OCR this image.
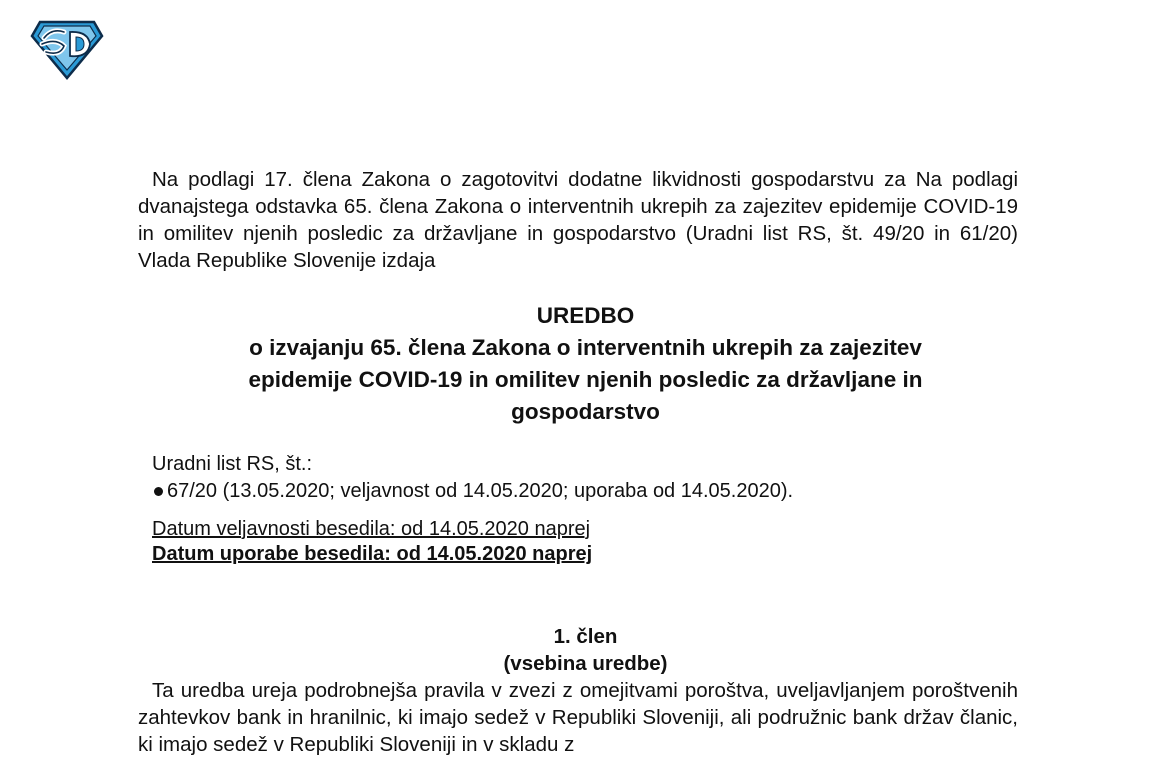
Na podlagi 17. člena Zakona o zagotovitvi dodatne likvidnosti gospodarstvu za Na podlagi dvanajstega odstavka 65. člena Zakona o interventnih ukrepih za zajezitev epidemije COVID-19 in omilitev njenih posledic za državljane in gospodarstvo (Uradni list RS, št. 49/20 in 61/20) Vlada Republike Slovenije izdaja

UREDBO
o izvajanju 65. člena Zakona o interventnih ukrepih za zajezitev
epidemije COVID-19 in omilitev njenih posledic za državljane in
gospodarstvo
Uradni list RS, št.:
67/20 (13.05.2020; veljavnost od 14.05.2020; uporaba od 14.05.2020).
Datum veljavnosti besedila: od 14.05.2020 naprej
Datum uporabe besedila: od 14.05.2020 naprej
1. člen
(vsebina uredbe)

Ta uredba ureja podrobnejša pravila v zvezi z omejitvami poroštva, uveljavljanjem poroštvenih zahtevkov bank in hranilnic, ki imajo sedež v Republiki Sloveniji, ali podružnic bank držav članic, ki imajo sedež v Republiki Sloveniji in v skladu z
